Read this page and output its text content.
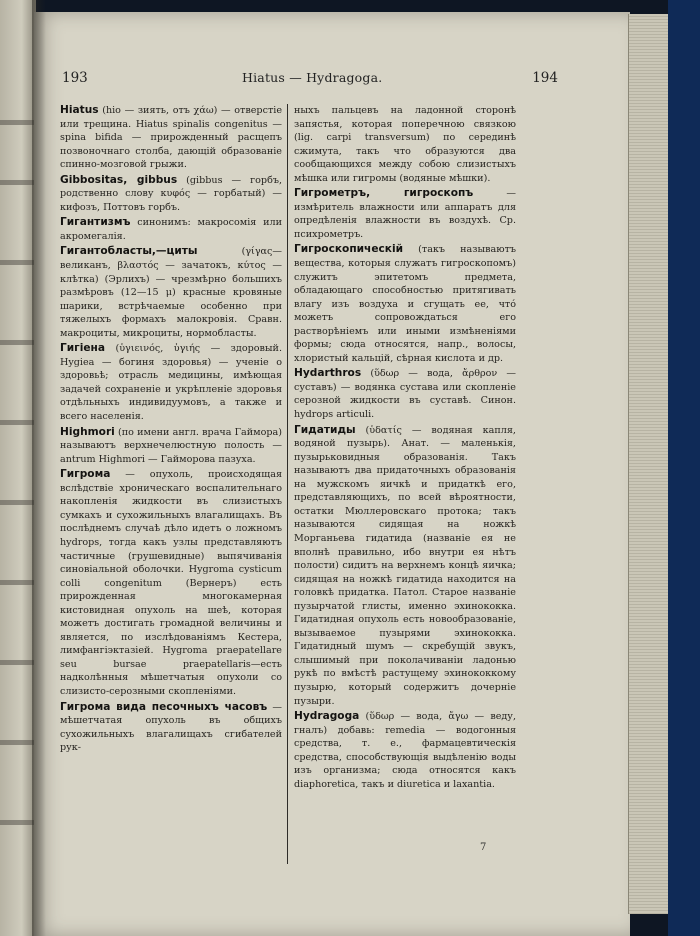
193	Hiatus — Hydragoga.	194

Hiatus (hio — зиять, отъ χάω) — отверстіе или трещина. Hiatus spinalis congenitus — spina bifida — прирожденный расщепъ позвоночнаго столба, дающій образованіе спинно-мозговой грыжи.

Gibbositas, gibbus (gibbus — горбъ, родственно слову κυφός — горбатый) — кифозъ, Поттовъ горбъ.

Гигантизмъ синонимъ: макросомія или акромегалія.

Гигантобласты,—циты (γίγας—великанъ, βλαστός — зачатокъ, κύτος — клѣтка) (Эрлихъ) — чрезмѣрно большихъ размѣровъ (12—15 μ) красные кровяные шарики, встрѣчаемые особенно при тяжелыхъ формахъ малокровія. Сравн. макроциты, микроциты, нормобласты.

Гигіена (ὑγιεινός, ὑγιής — здоровый. Hygiea — богиня здоровья) — ученіе о здоровьѣ; отрасль медицины, имѣющая задачей сохраненіе и укрѣпленіе здоровья отдѣльныхъ индивидуумовъ, а также и всего населенія.

Highmori (по имени англ. врача Гаймора) называютъ верхнечелюстную полость — antrum Highmori — Гайморова пазуха.

Гигрома — опухоль, происходящая вслѣдствіе хроническаго воспалительнаго накопленія жидкости въ слизистыхъ сумкахъ и сухожильныхъ влагалищахъ. Въ послѣднемъ случаѣ дѣло идетъ о ложномъ hydrops, тогда какъ узлы представляютъ частичные (грушевидные) выпячиванія синовіальной оболочки. Hygroma cysticum colli congenitum (Вернеръ) есть прирожденная многокамерная кистовидная опухоль на шеѣ, которая можетъ достигать громадной величины и является, по изслѣдованіямъ Кестера, лимфангіэктазіей. Hygroma praepatellare seu bursae praepatellaris—есть надколѣнныя мѣшетчатыя опухоли со слизисто-серозными скопленіями.

Гигрома вида песочныхъ часовъ — мѣшетчатая опухоль въ общихъ сухожильныхъ влагалищахъ сгибателей рук-

ныхъ пальцевъ на ладонной сторонѣ запястья, которая поперечною связкою (lig. carpi transversum) по серединѣ сжимута, такъ что образуются два сообщающихся между собою слизистыхъ мѣшка или гигромы (водяные мѣшки).

Гигрометръ, гигроскопъ — измѣритель влажности или аппаратъ для опредѣленія влажности въ воздухѣ. Ср. психрометръ.

Гигроскопическій (такъ называютъ вещества, которыя служатъ гигроскопомъ) служитъ эпитетомъ предмета, обладающаго способностью притягивать влагу изъ воздуха и сгущать ее, чтó можетъ сопровождаться его растворѣніемъ или иными измѣненіями формы; сюда относятся, напр., волосы, хлористый кальцій, сѣрная кислота и др.

Hydarthros (ὕδωρ — вода, ἄρθρον — суставъ) — водянка сустава или скопленіе серозной жидкости въ суставѣ. Синон. hydrops articuli.

Гидатиды (ὑδατίς — водяная капля, водяной пузырь). Анат. — маленькія, пузырьковидныя образованія. Такъ называютъ два придаточныхъ образованія на мужскомъ яичкѣ и придаткѣ его, представляющихъ, по всей вѣроятности, остатки Мюллеровскаго протока; такъ называются сидящая на ножкѣ Морганьева гидатида (названіе ея не вполнѣ правильно, ибо внутри ея нѣтъ полости) сидитъ на верхнемъ концѣ яичка; сидящая на ножкѣ гидатида находится на головкѣ придатка. Патол. Старое названіе пузырчатой глисты, именно эхинококка. Гидатидная опухоль есть новообразованіе, вызываемое пузырями эхинококка. Гидатидный шумъ — скребущій звукъ, слышимый при поколачиваніи ладонью рукѣ по вмѣстѣ растущему эхинококкому пузырю, который содержитъ дочерніе пузыри.

Hydragoga (ὕδωρ — вода, ἄγω — веду, гналъ) добавь: remedia — водогонныя средства, т. е., фармацевтическія средства, способствующія выдѣленію воды изъ организма; сюда относятся какъ diaphoretica, такъ и diuretica и laxantia.

7
